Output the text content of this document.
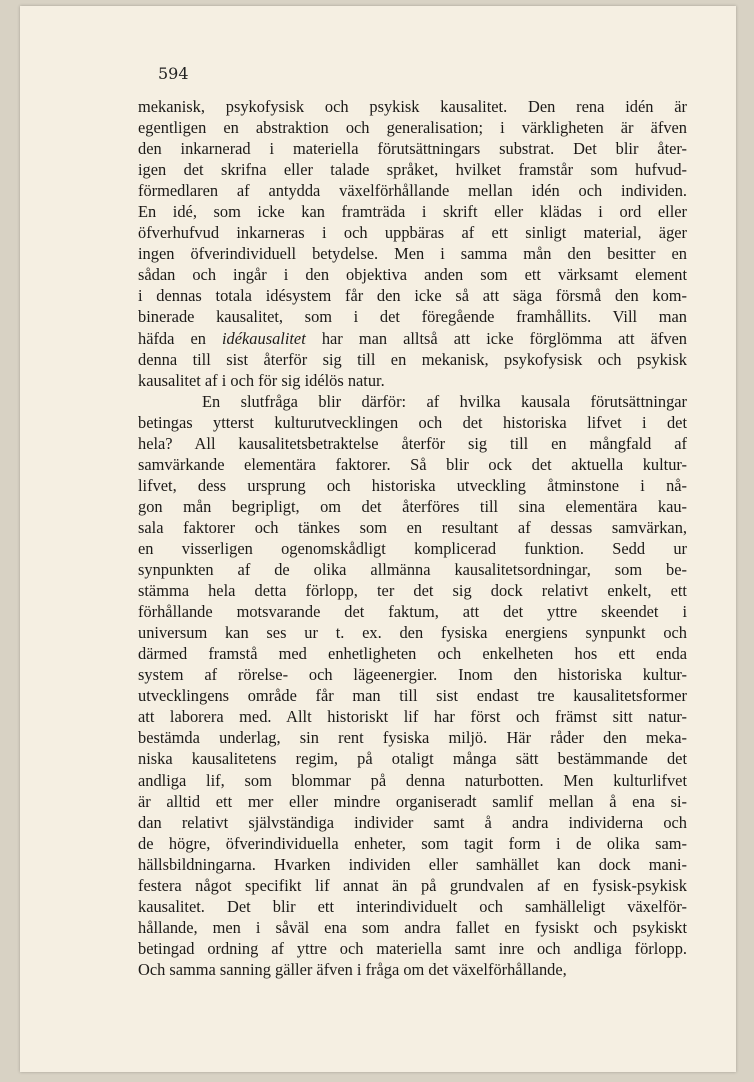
594
mekanisk, psykofysisk och psykisk kausalitet. Den rena idén är
egentligen en abstraktion och generalisation; i värkligheten är äfven
den inkarnerad i materiella förutsättningars substrat. Det blir åter-
igen det skrifna eller talade språket, hvilket framstår som hufvud-
förmedlaren af antydda växelförhållande mellan idén och individen.
En idé, som icke kan framträda i skrift eller klädas i ord eller
öfverhufvud inkarneras i och uppbäras af ett sinligt material, äger
ingen öfverindividuell betydelse. Men i samma mån den besitter en
sådan och ingår i den objektiva anden som ett värksamt element
i dennas totala idésystem får den icke så att säga försmå den kom-
binerade kausalitet, som i det föregående framhållits. Vill man
häfda en idékausalitet har man alltså att icke förglömma att äfven
denna till sist återför sig till en mekanisk, psykofysisk och psykisk
kausalitet af i och för sig idélös natur.
En slutfråga blir därför: af hvilka kausala förutsättningar
betingas ytterst kulturutvecklingen och det historiska lifvet i det
hela? All kausalitetsbetraktelse återför sig till en mångfald af
samvärkande elementära faktorer. Så blir ock det aktuella kultur-
lifvet, dess ursprung och historiska utveckling åtminstone i nå-
gon mån begripligt, om det återföres till sina elementära kau-
sala faktorer och tänkes som en resultant af dessas samvärkan,
en visserligen ogenomskådligt komplicerad funktion. Sedd ur
synpunkten af de olika allmänna kausalitetsordningar, som be-
stämma hela detta förlopp, ter det sig dock relativt enkelt, ett
förhållande motsvarande det faktum, att det yttre skeendet i
universum kan ses ur t. ex. den fysiska energiens synpunkt och
därmed framstå med enhetligheten och enkelheten hos ett enda
system af rörelse- och lägeenergier. Inom den historiska kultur-
utvecklingens område får man till sist endast tre kausalitetsformer
att laborera med. Allt historiskt lif har först och främst sitt natur-
bestämda underlag, sin rent fysiska miljö. Här råder den meka-
niska kausalitetens regim, på otaligt många sätt bestämmande det
andliga lif, som blommar på denna naturbotten. Men kulturlifvet
är alltid ett mer eller mindre organiseradt samlif mellan å ena si-
dan relativt självständiga individer samt å andra individerna och
de högre, öfverindividuella enheter, som tagit form i de olika sam-
hällsbildningarna. Hvarken individen eller samhället kan dock mani-
festera något specifikt lif annat än på grundvalen af en fysisk-psykisk
kausalitet. Det blir ett interindividuelt och samhälleligt växelför-
hållande, men i såväl ena som andra fallet en fysiskt och psykiskt
betingad ordning af yttre och materiella samt inre och andliga förlopp.
Och samma sanning gäller äfven i fråga om det växelförhållande,
